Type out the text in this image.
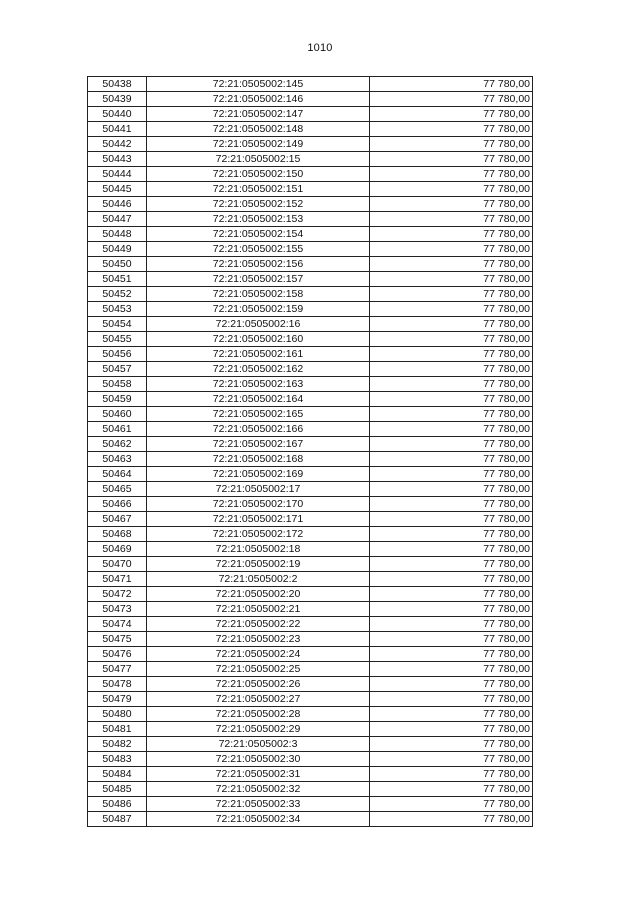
1010
50438	72:21:0505002:145	77 780,00
50439	72:21:0505002:146	77 780,00
50440	72:21:0505002:147	77 780,00
50441	72:21:0505002:148	77 780,00
50442	72:21:0505002:149	77 780,00
50443	72:21:0505002:15	77 780,00
50444	72:21:0505002:150	77 780,00
50445	72:21:0505002:151	77 780,00
50446	72:21:0505002:152	77 780,00
50447	72:21:0505002:153	77 780,00
50448	72:21:0505002:154	77 780,00
50449	72:21:0505002:155	77 780,00
50450	72:21:0505002:156	77 780,00
50451	72:21:0505002:157	77 780,00
50452	72:21:0505002:158	77 780,00
50453	72:21:0505002:159	77 780,00
50454	72:21:0505002:16	77 780,00
50455	72:21:0505002:160	77 780,00
50456	72:21:0505002:161	77 780,00
50457	72:21:0505002:162	77 780,00
50458	72:21:0505002:163	77 780,00
50459	72:21:0505002:164	77 780,00
50460	72:21:0505002:165	77 780,00
50461	72:21:0505002:166	77 780,00
50462	72:21:0505002:167	77 780,00
50463	72:21:0505002:168	77 780,00
50464	72:21:0505002:169	77 780,00
50465	72:21:0505002:17	77 780,00
50466	72:21:0505002:170	77 780,00
50467	72:21:0505002:171	77 780,00
50468	72:21:0505002:172	77 780,00
50469	72:21:0505002:18	77 780,00
50470	72:21:0505002:19	77 780,00
50471	72:21:0505002:2	77 780,00
50472	72:21:0505002:20	77 780,00
50473	72:21:0505002:21	77 780,00
50474	72:21:0505002:22	77 780,00
50475	72:21:0505002:23	77 780,00
50476	72:21:0505002:24	77 780,00
50477	72:21:0505002:25	77 780,00
50478	72:21:0505002:26	77 780,00
50479	72:21:0505002:27	77 780,00
50480	72:21:0505002:28	77 780,00
50481	72:21:0505002:29	77 780,00
50482	72:21:0505002:3	77 780,00
50483	72:21:0505002:30	77 780,00
50484	72:21:0505002:31	77 780,00
50485	72:21:0505002:32	77 780,00
50486	72:21:0505002:33	77 780,00
50487	72:21:0505002:34	77 780,00
